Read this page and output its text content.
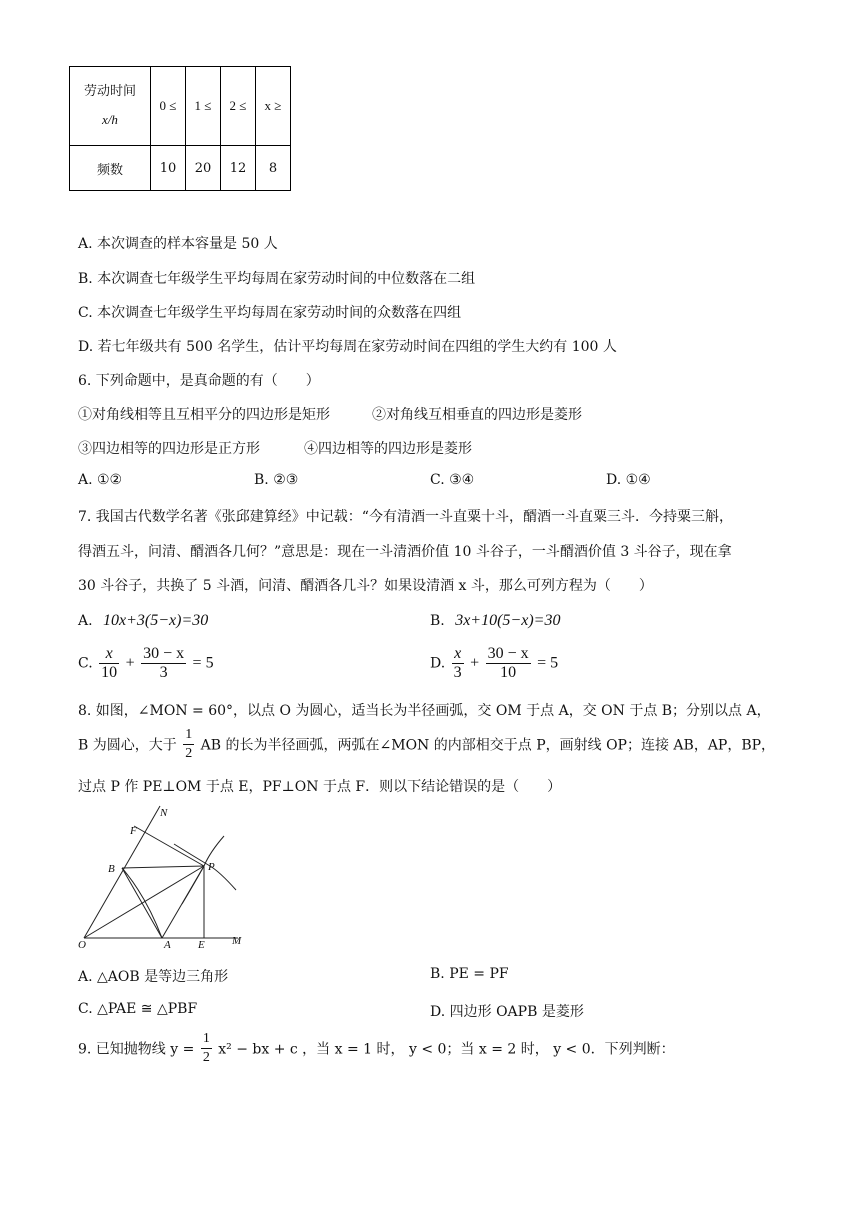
劳动时间
x/h	0 ≤	1 ≤	2 ≤	x ≥
频数	10	20	12	8
A. 本次调查的样本容量是 50 人
B. 本次调查七年级学生平均每周在家劳动时间的中位数落在二组
C. 本次调查七年级学生平均每周在家劳动时间的众数落在四组
D. 若七年级共有 500 名学生，估计平均每周在家劳动时间在四组的学生大约有 100 人
6. 下列命题中，是真命题的有（　　）
①对角线相等且互相平分的四边形是矩形	②对角线互相垂直的四边形是菱形
③四边相等的四边形是正方形	④四边相等的四边形是菱形
A. ①②	B. ②③	C. ③④	D. ①④
7. 我国古代数学名著《张邱建算经》中记载：“今有清酒一斗直粟十斗，醑酒一斗直粟三斗．今持粟三斛，
得酒五斗，问清、醑酒各几何？”意思是：现在一斗清酒价值 10 斗谷子，一斗醑酒价值 3 斗谷子，现在拿
30 斗谷子，共换了 5 斗酒，问清、醑酒各几斗？如果设清酒 x 斗，那么可列方程为（　　）
A. 10x+3(5−x)=30	B. 3x+10(5−x)=30
C. $\frac{x}{10} + \frac{30 - x}{3} = 5$	D. $\frac{x}{3} + \frac{30 - x}{10} = 5$
8. 如图，∠MON = 60°，以点 O 为圆心，适当长为半径画弧，交 OM 于点 A，交 ON 于点 B；分别以点 A，
B 为圆心，大于 $\frac{1}{2}$ AB 的长为半径画弧，两弧在∠MON 的内部相交于点 P，画射线 OP；连接 AB，AP，BP，
过点 P 作 PE⊥OM 于点 E，PF⊥ON 于点 F．则以下结论错误的是（　　）
N
F
B	P
O	A E M
A. △AOB 是等边三角形	B. PE = PF
C. △PAE ≅ △PBF	D. 四边形 OAPB 是菱形
9. 已知抛物线 $y = \frac{1}{2} x^2$ − bx + c ，当 x = 1 时， y < 0；当 x = 2 时， y < 0．下列判断：
